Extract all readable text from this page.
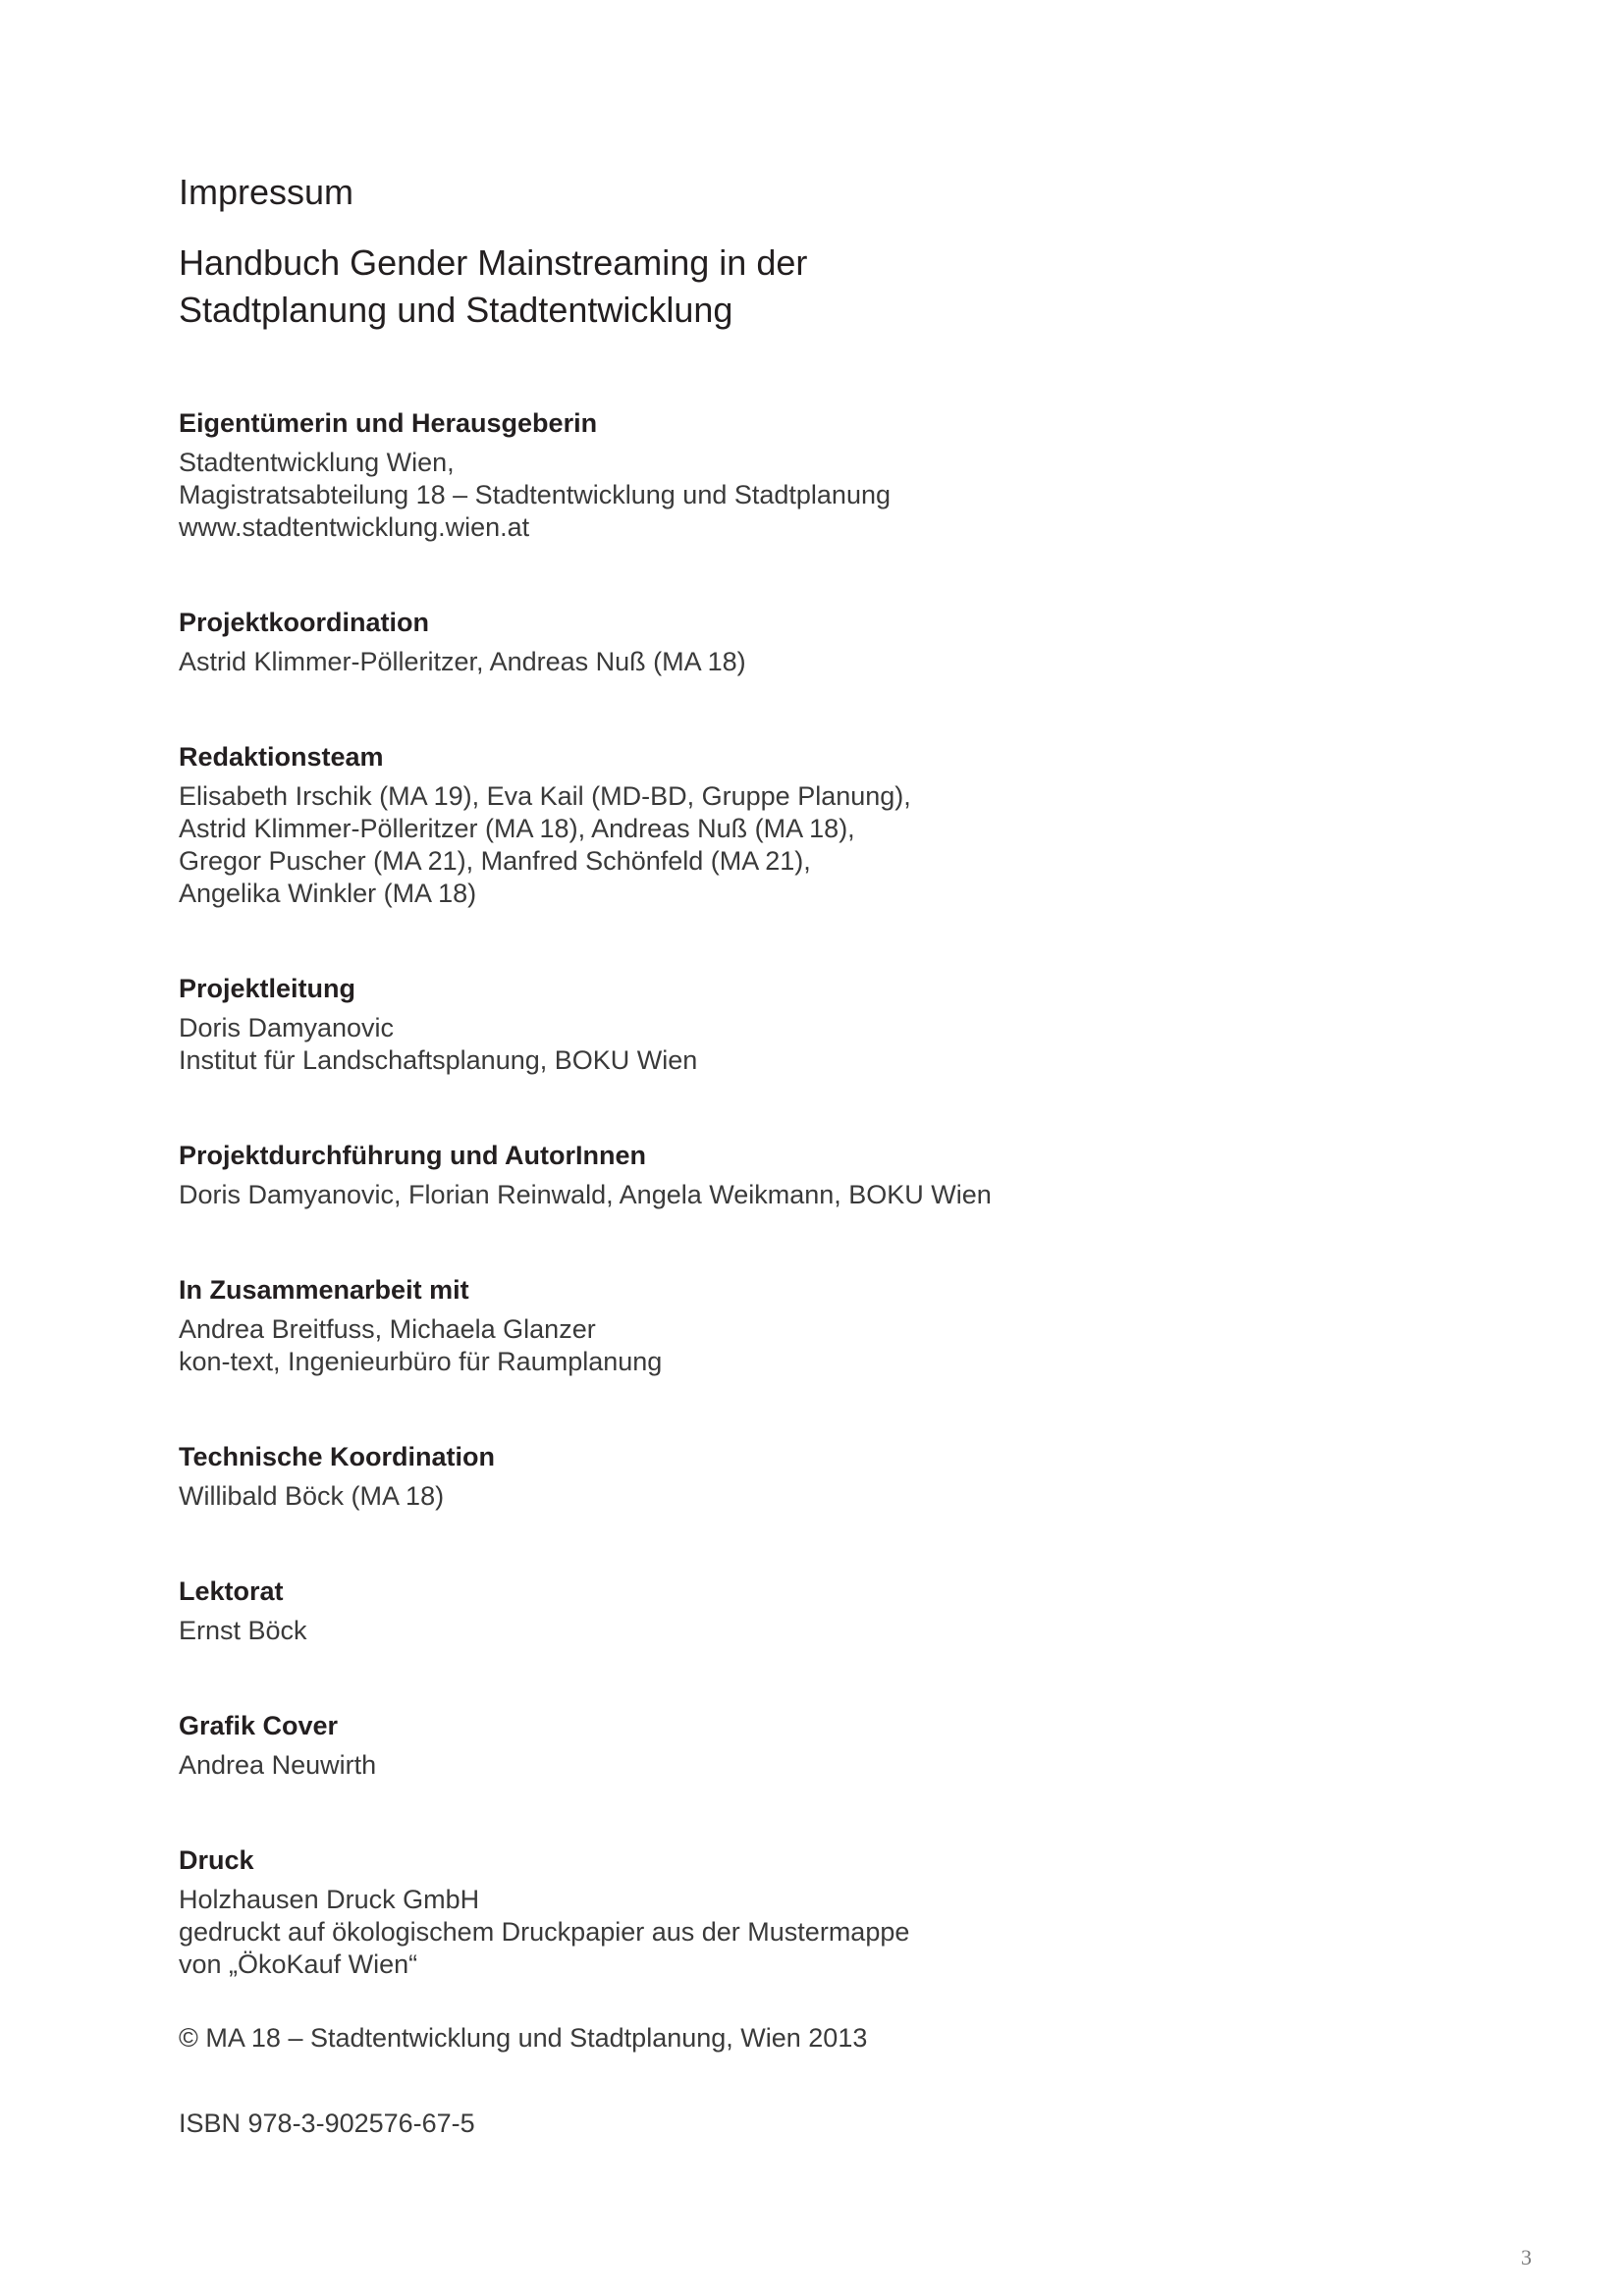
Impressum
Handbuch Gender Mainstreaming in der
Stadtplanung und Stadtentwicklung
Eigentümerin und Herausgeberin
Stadtentwicklung Wien,
Magistratsabteilung 18 – Stadtentwicklung und Stadtplanung
www.stadtentwicklung.wien.at
Projektkoordination
Astrid Klimmer-Pölleritzer, Andreas Nuß (MA 18)
Redaktionsteam
Elisabeth Irschik (MA 19), Eva Kail (MD-BD, Gruppe Planung),
Astrid Klimmer-Pölleritzer (MA 18), Andreas Nuß (MA 18),
Gregor Puscher (MA 21), Manfred Schönfeld (MA 21),
Angelika Winkler (MA 18)
Projektleitung
Doris Damyanovic
Institut für Landschaftsplanung, BOKU Wien
Projektdurchführung und AutorInnen
Doris Damyanovic, Florian Reinwald, Angela Weikmann, BOKU Wien
In Zusammenarbeit mit
Andrea Breitfuss, Michaela Glanzer
kon-text, Ingenieurbüro für Raumplanung
Technische Koordination
Willibald Böck (MA 18)
Lektorat
Ernst Böck
Grafik Cover
Andrea Neuwirth
Druck
Holzhausen Druck GmbH
gedruckt auf ökologischem Druckpapier aus der Mustermappe
von „ÖkoKauf Wien“
© MA 18 – Stadtentwicklung und Stadtplanung, Wien 2013
ISBN 978-3-902576-67-5
3
